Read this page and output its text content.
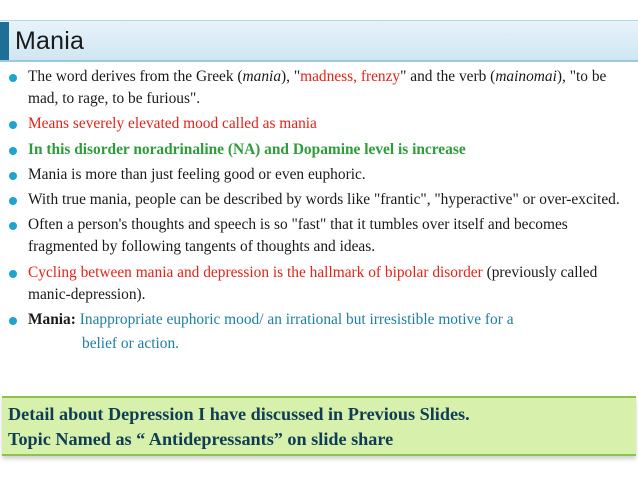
Mania
The word derives from the Greek (mania), "madness, frenzy" and the verb (mainomai), "to be mad, to rage, to be furious".
Means severely elevated mood called as mania
In this disorder noradrinaline (NA) and Dopamine level is increase
Mania is more than just feeling good or even euphoric.
With true mania, people can be described by words like "frantic", "hyperactive" or over-excited.
Often a person's thoughts and speech is so "fast" that it tumbles over itself and becomes fragmented by following tangents of thoughts and ideas.
Cycling between mania and depression is the hallmark of bipolar disorder (previously called manic-depression).
Mania: Inappropriate euphoric mood/ an irrational but irresistible motive for a
belief or action.
Detail about Depression I have discussed in Previous Slides.
Topic Named as “ Antidepressants” on slide share
